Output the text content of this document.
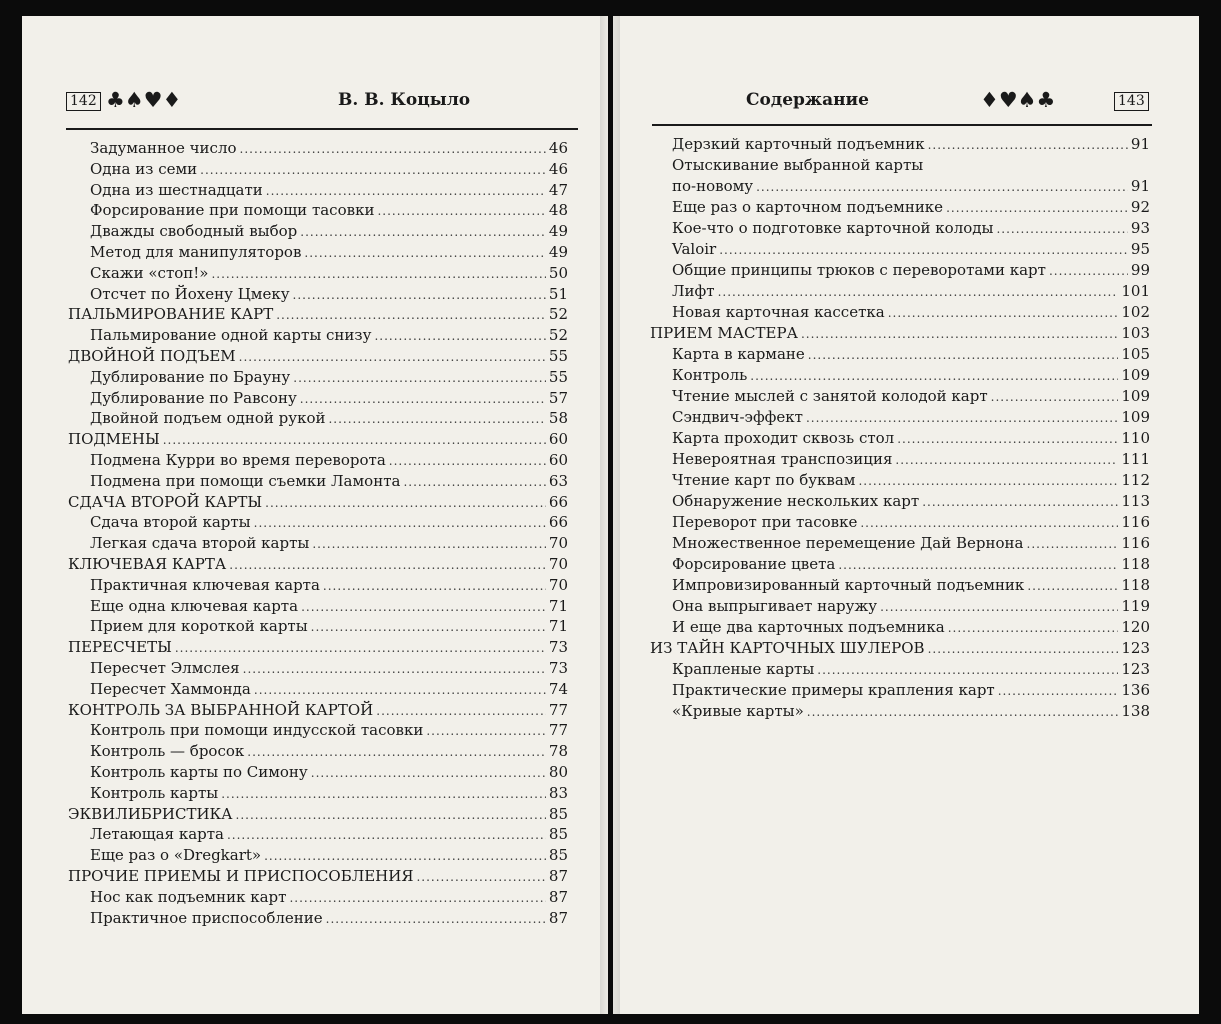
142 ♣♠♥♦	В. В. Коцыло	Содержание	♦♥♠♣	143
Задуманное число .....	46
Одна из семи .....	46
Одна из шестнадцати .....	47
Форсирование при помощи тасовки .....	48
Дважды свободный выбор .....	49
Метод для манипуляторов .....	49
Скажи «стоп!» .....	50
Отсчет по Йохену Цмеку .....	51
ПАЛЬМИРОВАНИЕ КАРТ .....	52
Пальмирование одной карты снизу .....	52
ДВОЙНОЙ ПОДЪЕМ .....	55
Дублирование по Брауну .....	55
Дублирование по Равсону .....	57
Двойной подъем одной рукой .....	58
ПОДМЕНЫ .....	60
Подмена Курри во время переворота .....	60
Подмена при помощи съемки Ламонта .....	63
СДАЧА ВТОРОЙ КАРТЫ .....	66
Сдача второй карты .....	66
Легкая сдача второй карты .....	70
КЛЮЧЕВАЯ КАРТА .....	70
Практичная ключевая карта .....	70
Еще одна ключевая карта .....	71
Прием для короткой карты .....	71
ПЕРЕСЧЕТЫ .....	73
Пересчет Элмслея .....	73
Пересчет Хаммонда .....	74
КОНТРОЛЬ ЗА ВЫБРАННОЙ КАРТОЙ .....	77
Контроль при помощи индусской тасовки .....	77
Контроль — бросок .....	78
Контроль карты по Симону .....	80
Контроль карты .....	83
ЭКВИЛИБРИСТИКА .....	85
Летающая карта .....	85
Еще раз о «Dregkart» .....	85
ПРОЧИЕ ПРИЕМЫ И ПРИСПОСОБЛЕНИЯ .....	87
Нос как подъемник карт .....	87
Практичное приспособление .....	87
Дерзкий карточный подъемник .....	91
Отыскивание выбранной карты
по-новому .....	91
Еще раз о карточном подъемнике .....	92
Кое-что о подготовке карточной колоды .....	93
Valoir .....	95
Общие принципы трюков с переворотами карт .....	99
Лифт .....	101
Новая карточная кассетка .....	102
ПРИЕМ МАСТЕРА .....	103
Карта в кармане .....	105
Контроль .....	109
Чтение мыслей с занятой колодой карт .....	109
Сэндвич-эффект .....	109
Карта проходит сквозь стол .....	110
Невероятная транспозиция .....	111
Чтение карт по буквам .....	112
Обнаружение нескольких карт .....	113
Переворот при тасовке .....	116
Множественное перемещение Дай Вернона .....	116
Форсирование цвета .....	118
Импровизированный карточный подъемник .....	118
Она выпрыгивает наружу .....	119
И еще два карточных подъемника .....	120
ИЗ ТАЙН КАРТОЧНЫХ ШУЛЕРОВ .....	123
Крапленые карты .....	123
Практические примеры крапления карт .....	136
«Кривые карты» .....	138
